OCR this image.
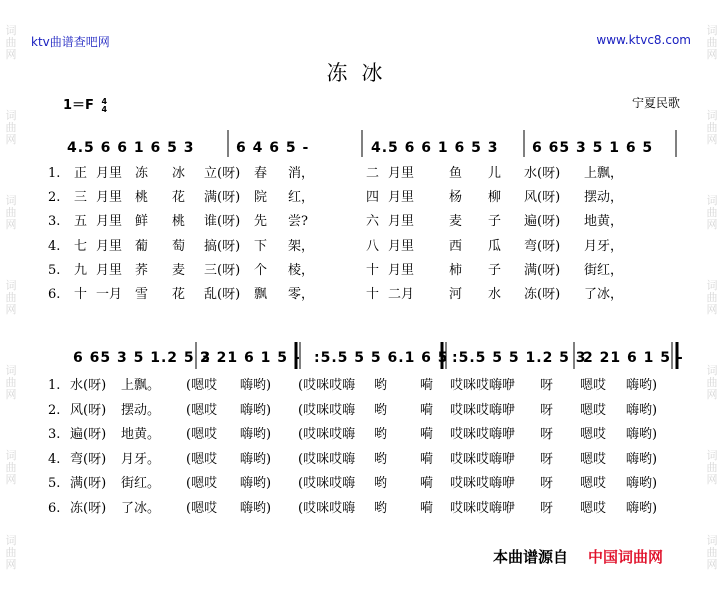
词
曲
网
词
曲
网
词
曲
网
词
曲
网
词
曲
网
词
曲
网
词
曲
网
词
曲
网
词
曲
网
词
曲
网
词
曲
网
词
曲
网
词
曲
网
词
曲
网
ktv曲谱查吧网	www.ktvc8.com
冻冰
1＝F 4
4	宁夏民歌
4.5 6 6 1 6 5 3	6 4 6 5 -	4.5 6 6 1 6 5 3 6 65 3 5 1 6 5
1. 正 月里 冻 冰 立(呀) 春 消，	二 月里	鱼 儿 水(呀) 上飘，
2. 三 月里 桃 花 满(呀) 院 红，	四 月里	杨 柳 风(呀) 摆动，
3. 五 月里 鲜 桃 谁(呀) 先 尝?	六 月里	麦 子 遍(呀) 地黄，
4. 七 月里 葡 萄 搞(呀) 下 架，	八 月里	西 瓜 弯(呀) 月牙，
5. 九 月里 荞 麦 三(呀) 个 棱，	十 月里	柿 子 满(呀) 街红，
6. 十 一月 雪 花 乱(呀) 飘 零，	十 二月	河 水 冻(呀) 了冰，
6 65 3 5 1.2 5 3
2 21 6 1 5 - :5.5 5 5 6.1 6 5 :5.5 5 5 1.2 5 3
2 21 6 1 5 -
1. 水(呀) 上飘。 (嗯哎 嗨哟) (哎咪哎嗨 哟	嗬 哎咪哎嗨咿 呀 嗯哎 嗨哟)
2. 风(呀) 摆动。 (嗯哎 嗨哟) (哎咪哎嗨 哟	嗬 哎咪哎嗨咿 呀 嗯哎 嗨哟)
3. 遍(呀) 地黄。 (嗯哎 嗨哟) (哎咪哎嗨 哟	嗬 哎咪哎嗨咿 呀 嗯哎 嗨哟)
4. 弯(呀) 月牙。 (嗯哎 嗨哟) (哎咪哎嗨 哟	嗬 哎咪哎嗨咿 呀 嗯哎 嗨哟)
5. 满(呀) 街红。 (嗯哎 嗨哟) (哎咪哎嗨 哟	嗬 哎咪哎嗨咿 呀 嗯哎 嗨哟)
6. 冻(呀) 了冰。 (嗯哎 嗨哟) (哎咪哎嗨 哟	嗬 哎咪哎嗨咿 呀 嗯哎 嗨哟)
本曲谱源自 中国词曲网
